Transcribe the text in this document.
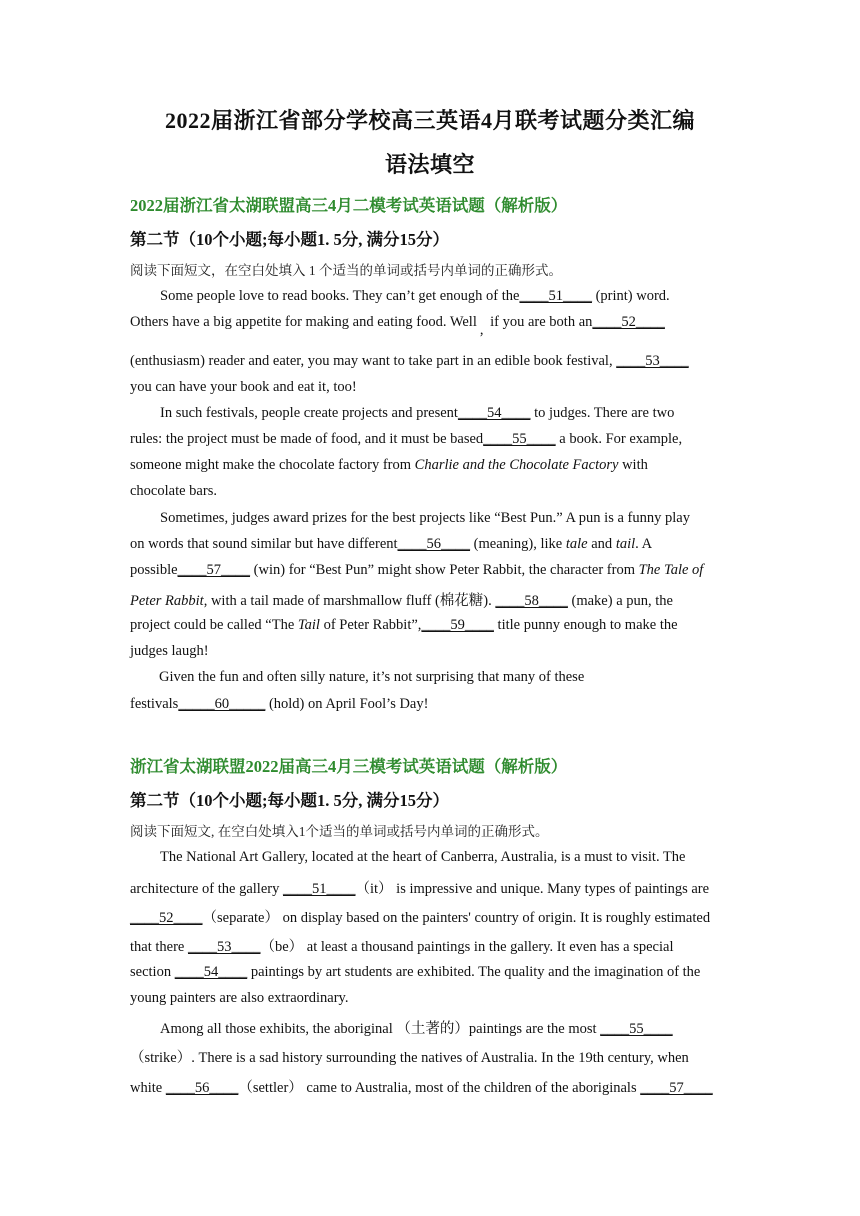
2022届浙江省部分学校高三英语4月联考试题分类汇编
语法填空
2022届浙江省太湖联盟高三4月二模考试英语试题（解析版）
第二节（10个小题;每小题1. 5分, 满分15分）
阅读下面短文，在空白处填入 1 个适当的单词或括号内单词的正确形式。
Some people love to read books. They can’t get enough of the____51____ (print) word.
Others have a big appetite for making and eating food. Well , if you are both an____52____
(enthusiasm) reader and eater, you may want to take part in an edible book festival, ____53____
you can have your book and eat it, too!
In such festivals, people create projects and present____54____ to judges. There are two
rules: the project must be made of food, and it must be based____55____ a book. For example,
someone might make the chocolate factory from Charlie and the Chocolate Factory with
chocolate bars.
Sometimes, judges award prizes for the best projects like “Best Pun.” A pun is a funny play
on words that sound similar but have different____56____ (meaning), like tale and tail. A
possible____57____ (win) for “Best Pun” might show Peter Rabbit, the character from The Tale of
Peter Rabbit, with a tail made of marshmallow fluff (棉花糖). ____58____ (make) a pun, the
project could be called “The Tail of Peter Rabbit”,____59____ title punny enough to make the
judges laugh!
Given the fun and often silly nature, it’s not surprising that many of these
festivals_____60_____ (hold) on April Fool’s Day!
浙江省太湖联盟2022届高三4月三模考试英语试题（解析版）
第二节（10个小题;每小题1. 5分, 满分15分）
阅读下面短文, 在空白处填入1个适当的单词或括号内单词的正确形式。
The National Art Gallery, located at the heart of Canberra, Australia, is a must to visit. The
architecture of the gallery ____51____（it） is impressive and unique. Many types of paintings are
____52____（separate） on display based on the painters' country of origin. It is roughly estimated
that there ____53____（be） at least a thousand paintings in the gallery. It even has a special
section ____54____ paintings by art students are exhibited. The quality and the imagination of the
young painters are also extraordinary.
Among all those exhibits, the aboriginal （土著的）paintings are the most ____55____
（strike）. There is a sad history surrounding the natives of Australia. In the 19th century, when
white ____56____（settler） came to Australia, most of the children of the aboriginals ____57____
